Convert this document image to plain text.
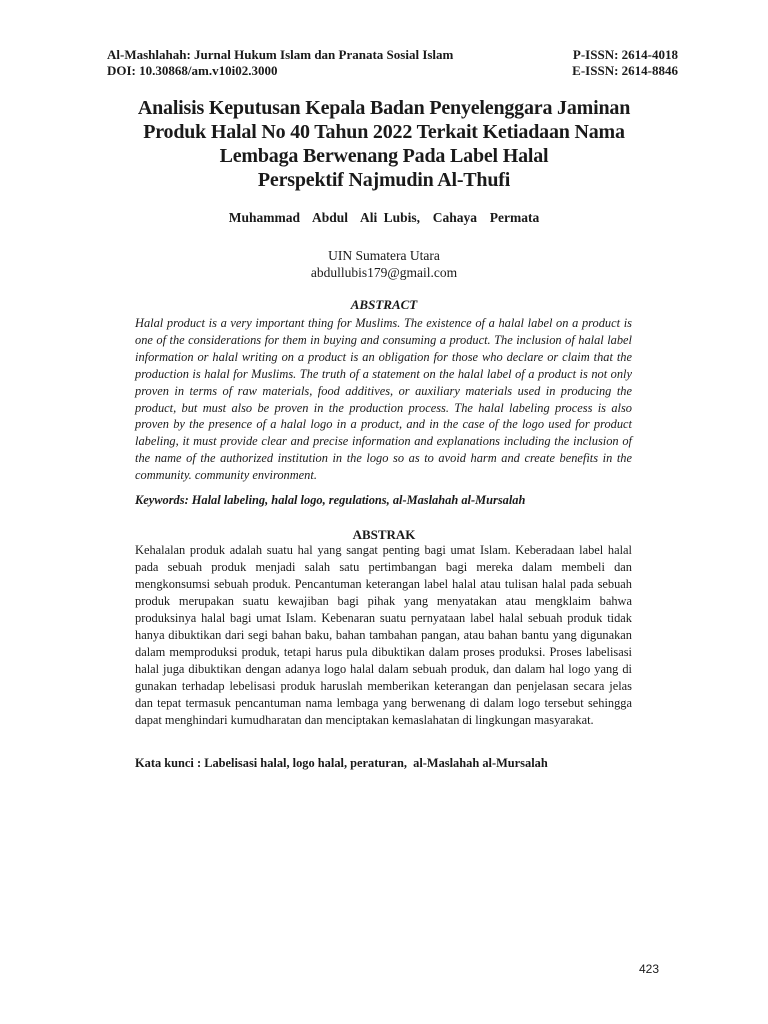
Al-Mashlahah: Jurnal Hukum Islam dan Pranata Sosial Islam	P-ISSN: 2614-4018
DOI: 10.30868/am.v10i02.3000	E-ISSN: 2614-8846
Analisis Keputusan Kepala Badan Penyelenggara Jaminan
Produk Halal No 40 Tahun 2022 Terkait Ketiadaan Nama
Lembaga Berwenang Pada Label Halal
Perspektif Najmudin Al-Thufi
Muhammad  Abdul  Ali Lubis,  Cahaya  Permata
UIN Sumatera Utara
abdullubis179@gmail.com
ABSTRACT
Halal product is a very important thing for Muslims. The existence of a halal label on a product is one of the considerations for them in buying and consuming a product. The inclusion of halal label information or halal writing on a product is an obligation for those who declare or claim that the production is halal for Muslims. The truth of a statement on the halal label of a product is not only proven in terms of raw materials, food additives, or auxiliary materials used in producing the product, but must also be proven in the production process. The halal labeling process is also proven by the presence of a halal logo in a product, and in the case of the logo used for product labeling, it must provide clear and precise information and explanations including the inclusion of the name of the authorized institution in the logo so as to avoid harm and create benefits in the community. community environment.
Keywords: Halal labeling, halal logo, regulations, al-Maslahah al-Mursalah
ABSTRAK
Kehalalan produk adalah suatu hal yang sangat penting bagi umat Islam. Keberadaan label halal pada sebuah produk menjadi salah satu pertimbangan bagi mereka dalam membeli dan mengkonsumsi sebuah produk. Pencantuman keterangan label halal atau tulisan halal pada sebuah produk merupakan suatu kewajiban bagi pihak yang menyatakan atau mengklaim bahwa produksinya halal bagi umat Islam. Kebenaran suatu pernyataan label halal sebuah produk tidak hanya dibuktikan dari segi bahan baku, bahan tambahan pangan, atau bahan bantu yang digunakan dalam memproduksi produk, tetapi harus pula dibuktikan dalam proses produksi. Proses labelisasi halal juga dibuktikan dengan adanya logo halal dalam sebuah produk, dan dalam hal logo yang di gunakan terhadap lebelisasi produk haruslah memberikan keterangan dan penjelasan secara jelas dan tepat termasuk pencantuman nama lembaga yang berwenang di dalam logo tersebut sehingga dapat menghindari kumudharatan dan menciptakan kemaslahatan di lingkungan masyarakat.
Kata kunci : Labelisasi halal, logo halal, peraturan,  al-Maslahah al-Mursalah
423
